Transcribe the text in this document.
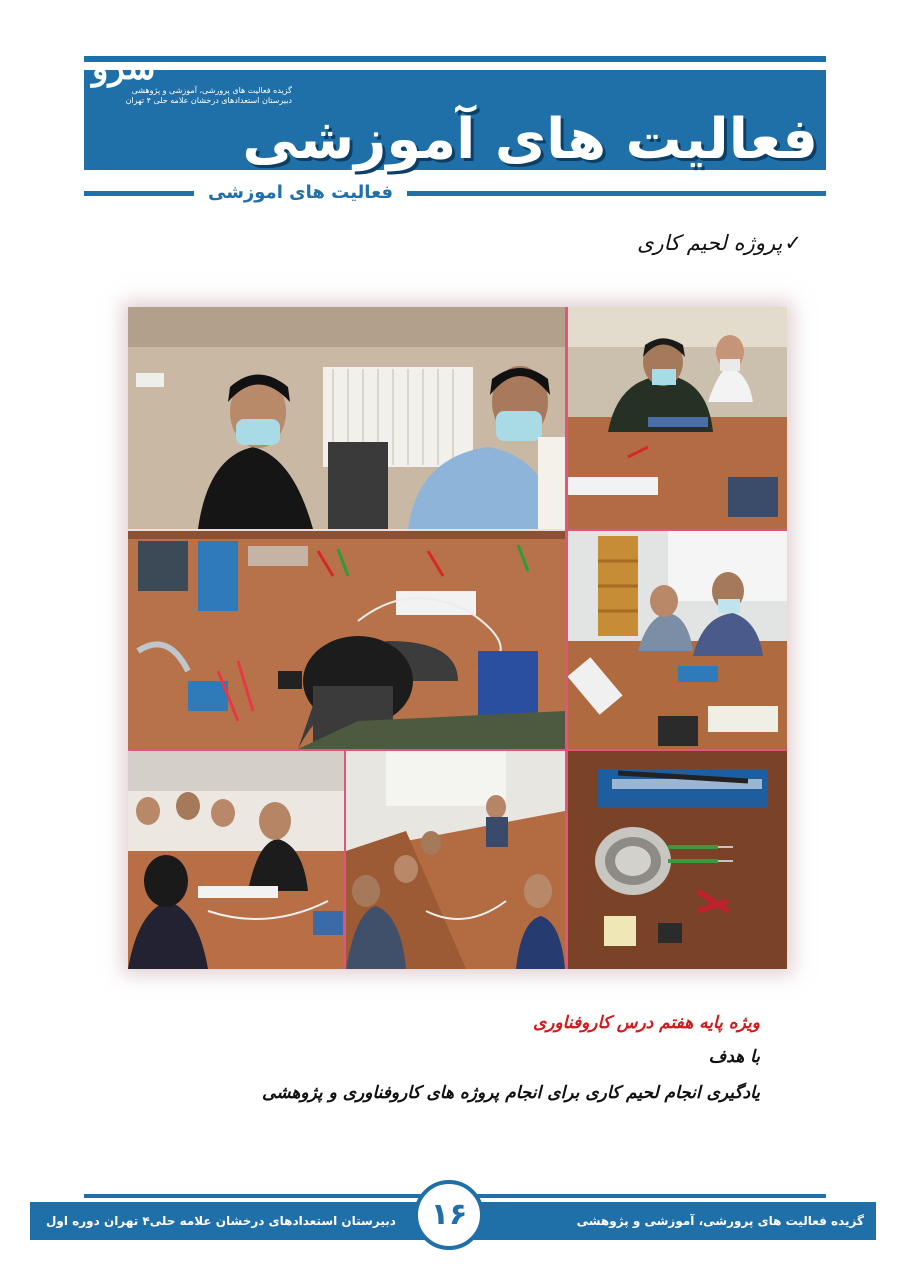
سرو
گزیده فعالیت های پرورشی، آموزشی و پژوهشی
دبیرستان استعدادهای درخشان علامه حلی ۴ تهران
فعالیت های آموزشی
فعالیت های اموزشی
✓پروژه لحیم کاری
ویژه پایه هفتم درس کاروفناوری
با هدف
یادگیری انجام لحیم کاری برای انجام پروژه های کاروفناوری و پژوهشی
دبیرستان استعدادهای درخشان علامه حلی۴ تهران دوره اول	گزیده فعالیت های پرورشی، آموزشی و پژوهشی
۱۶
